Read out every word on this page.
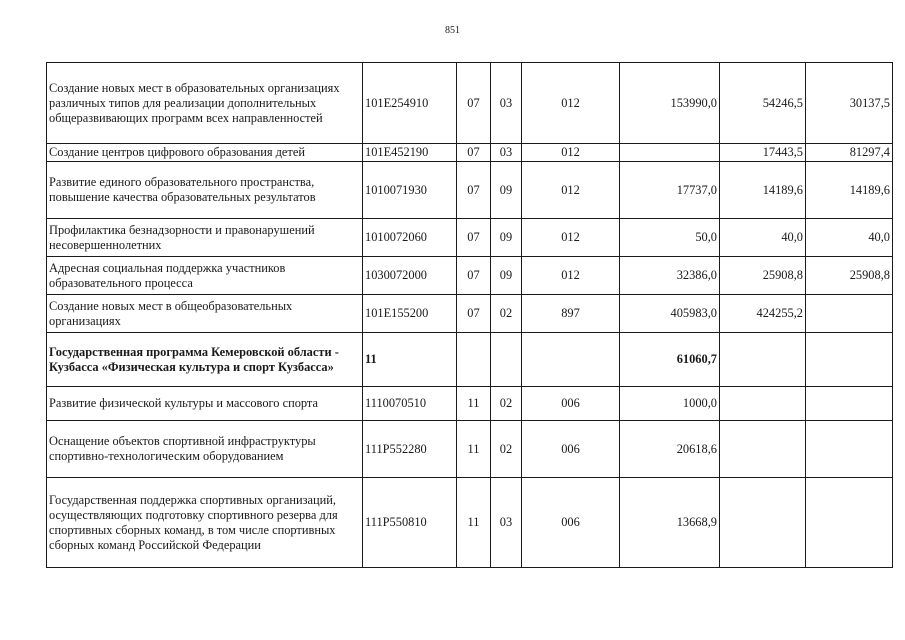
851
Создание новых мест в образовательных организациях различных типов для реализации дополнительных общеразвивающих программ всех направленностей	101E254910	07	03	012	153990,0	54246,5	30137,5
Создание центров цифрового образования детей	101E452190	07	03	012		17443,5	81297,4
Развитие единого образовательного пространства, повышение качества образовательных результатов	1010071930	07	09	012	17737,0	14189,6	14189,6
Профилактика безнадзорности и правонарушений несовершеннолетних	1010072060	07	09	012	50,0	40,0	40,0
Адресная социальная поддержка участников образовательного процесса	1030072000	07	09	012	32386,0	25908,8	25908,8
Создание новых мест в общеобразовательных организациях	101E155200	07	02	897	405983,0	424255,2	
Государственная программа Кемеровской области - Кузбасса «Физическая культура и спорт Кузбасса»	11				61060,7		
Развитие физической культуры и массового спорта	1110070510	11	02	006	1000,0		
Оснащение объектов спортивной инфраструктуры спортивно-технологическим оборудованием	111P552280	11	02	006	20618,6		
Государственная поддержка спортивных организаций, осуществляющих подготовку спортивного резерва для спортивных сборных команд, в том числе спортивных сборных команд Российской Федерации	111P550810	11	03	006	13668,9		
